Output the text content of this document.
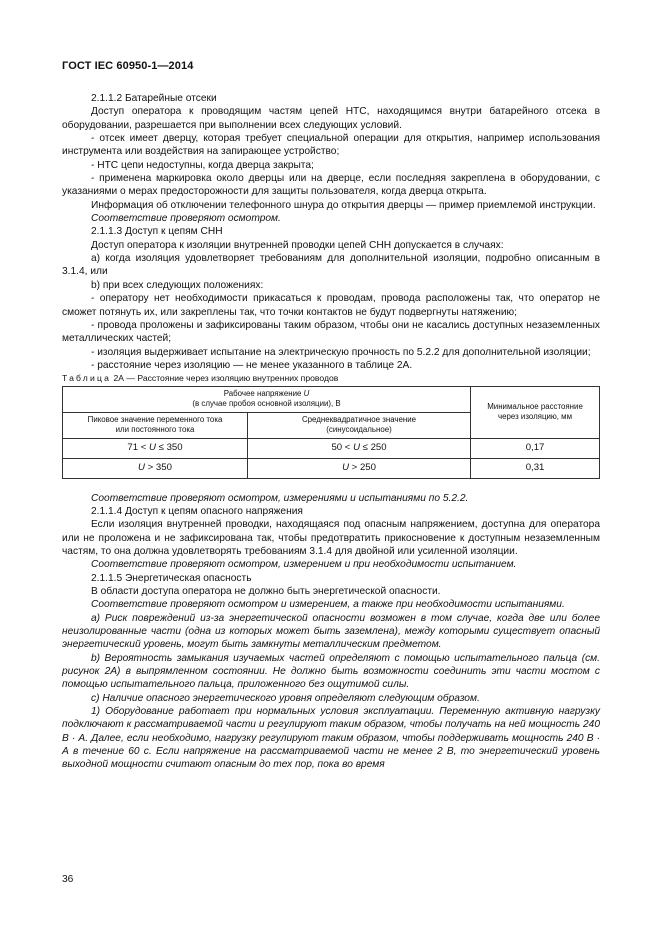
ГОСТ IEC 60950-1—2014

2.1.1.2 Батарейные отсеки

Доступ оператора к проводящим частям цепей НТС, находящимся внутри батарейного отсека в оборудовании, разрешается при выполнении всех следующих условий.

- отсек имеет дверцу, которая требует специальной операции для открытия, например использования инструмента или воздействия на запирающее устройство;

- НТС цепи недоступны, когда дверца закрыта;

- применена маркировка около дверцы или на дверце, если последняя закреплена в оборудовании, с указаниями о мерах предосторожности для защиты пользователя, когда дверца открыта.

Информация об отключении телефонного шнура до открытия дверцы — пример приемлемой инструкции.

Соответствие проверяют осмотром.

2.1.1.3 Доступ к цепям СНН

Доступ оператора к изоляции внутренней проводки цепей СНН допускается в случаях:

а) когда изоляция удовлетворяет требованиям для дополнительной изоляции, подробно описанным в 3.1.4, или

b) при всех следующих положениях:

- оператору нет необходимости прикасаться к проводам, провода расположены так, что оператор не сможет потянуть их, или закреплены так, что точки контактов не будут подвергнуты натяжению;

- провода проложены и зафиксированы таким образом, чтобы они не касались доступных незаземленных металлических частей;

- изоляция выдерживает испытание на электрическую прочность по 5.2.2 для дополнительной изоляции;

- расстояние через изоляцию — не менее указанного в таблице 2А.

Таблица 2А — Расстояние через изоляцию внутренних проводов

Рабочее напряжение U
(в случае пробоя основной изоляции), В		Минимальное расстояние
через изоляцию, мм
Пиковое значение переменного тока
или постоянного тока	Среднеквадратичное значение
(синусоидальное)	
71 < U ≤ 350	50 < U ≤ 250	0,17
U > 350	U > 250	0,31

Соответствие проверяют осмотром, измерениями и испытаниями по 5.2.2.

2.1.1.4 Доступ к цепям опасного напряжения

Если изоляция внутренней проводки, находящаяся под опасным напряжением, доступна для оператора или не проложена и не зафиксирована так, чтобы предотвратить прикосновение к доступным незаземленным частям, то она должна удовлетворять требованиям 3.1.4 для двойной или усиленной изоляции.

Соответствие проверяют осмотром, измерением и при необходимости испытанием.

2.1.1.5 Энергетическая опасность

В области доступа оператора не должно быть энергетической опасности.

Соответствие проверяют осмотром и измерением, а также при необходимости испытаниями.

а) Риск повреждений из-за энергетической опасности возможен в том случае, когда две или более неизолированные части (одна из которых может быть заземлена), между которыми существует опасный энергетический уровень, могут быть замкнуты металлическим предметом.

b) Вероятность замыкания изучаемых частей определяют с помощью испытательного пальца (см. рисунок 2А) в выпрямленном состоянии. Не должно быть возможности соединить эти части мостом с помощью испытательного пальца, приложенного без ощутимой силы.

с) Наличие опасного энергетического уровня определяют следующим образом.

1) Оборудование работает при нормальных условия эксплуатации. Переменную активную нагрузку подключают к рассматриваемой части и регулируют таким образом, чтобы получать на ней мощность 240 В · А. Далее, если необходимо, нагрузку регулируют таким образом, чтобы поддерживать мощность 240 В · А в течение 60 с. Если напряжение на рассматриваемой части не менее 2 В, то энергетический уровень выходной мощности считают опасным до тех пор, пока во время

36
